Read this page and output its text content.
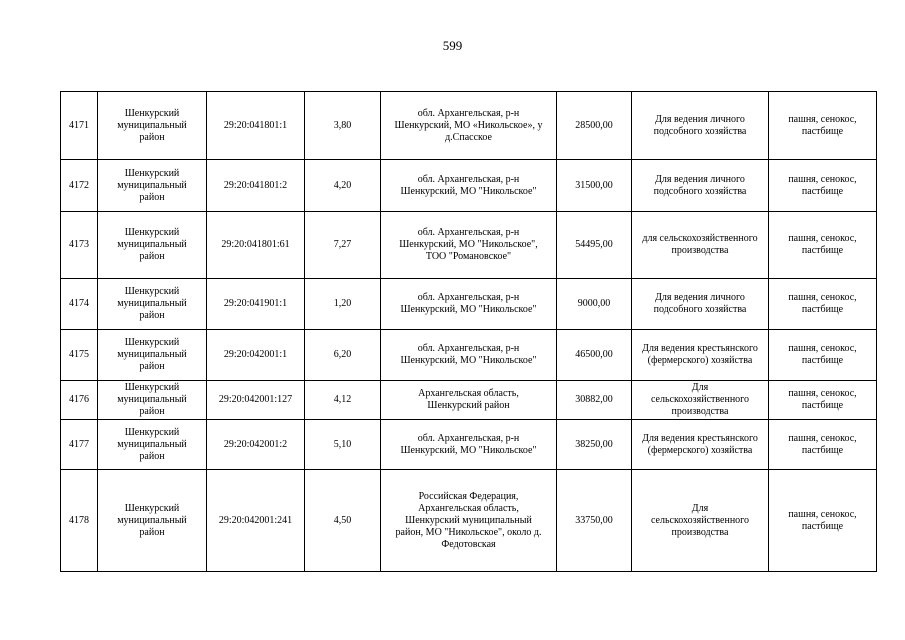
599
4171	Шенкурский
муниципальный
район	29:20:041801:1	3,80	обл. Архангельская, р-н
Шенкурский, МО «Никольское», у
д.Спасское	28500,00	Для ведения личного
подсобного хозяйства	пашня, сенокос,
пастбище
4172	Шенкурский
муниципальный
район	29:20:041801:2	4,20	обл. Архангельская, р-н
Шенкурский, МО "Никольское"	31500,00	Для ведения личного
подсобного хозяйства	пашня, сенокос,
пастбище
4173	Шенкурский
муниципальный
район	29:20:041801:61	7,27	обл. Архангельская, р-н
Шенкурский, МО "Никольское",
ТОО "Романовское"	54495,00	для сельскохозяйственного
производства	пашня, сенокос,
пастбище
4174	Шенкурский
муниципальный
район	29:20:041901:1	1,20	обл. Архангельская, р-н
Шенкурский, МО "Никольское"	9000,00	Для ведения личного
подсобного хозяйства	пашня, сенокос,
пастбище
4175	Шенкурский
муниципальный
район	29:20:042001:1	6,20	обл. Архангельская, р-н
Шенкурский, МО "Никольское"	46500,00	Для ведения крестьянского
(фермерского) хозяйства	пашня, сенокос,
пастбище
4176	Шенкурский
муниципальный
район	29:20:042001:127	4,12	Архангельская область,
Шенкурский район	30882,00	Для
сельскохозяйственного
производства	пашня, сенокос,
пастбище
4177	Шенкурский
муниципальный
район	29:20:042001:2	5,10	обл. Архангельская, р-н
Шенкурский, МО "Никольское"	38250,00	Для ведения крестьянского
(фермерского) хозяйства	пашня, сенокос,
пастбище
4178	Шенкурский
муниципальный
район	29:20:042001:241	4,50	Российская Федерация,
Архангельская область,
Шенкурский муниципальный
район, МО "Никольское", около д.
Федотовская	33750,00	Для
сельскохозяйственного
производства	пашня, сенокос,
пастбище
